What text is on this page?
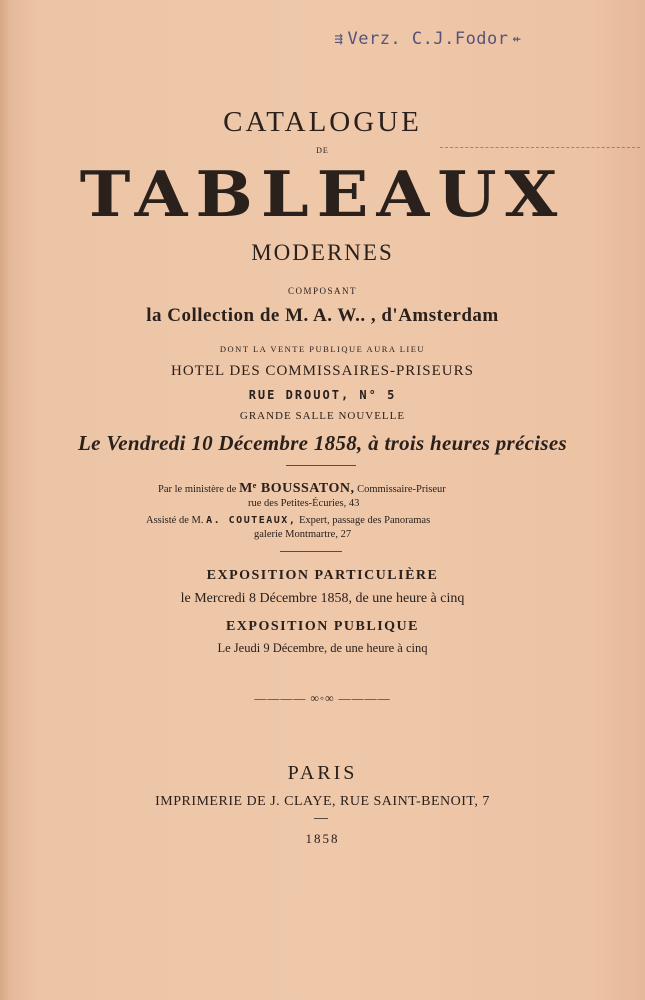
⇶ Verz. C.J.Fodor ⇷
CATALOGUE
DE
TABLEAUX
MODERNES
COMPOSANT
la Collection de M. A. W.. , d'Amsterdam
DONT LA VENTE PUBLIQUE AURA LIEU
HOTEL DES COMMISSAIRES-PRISEURS
RUE DROUOT, N° 5
GRANDE SALLE NOUVELLE
Le Vendredi 10 Décembre 1858, à trois heures précises
Par le ministère de Mᵉ BOUSSATON, Commissaire-Priseur
rue des Petites-Écuries, 43
Assisté de M. A. COUTEAUX, Expert, passage des Panoramas
galerie Montmartre, 27
EXPOSITION PARTICULIÈRE
le Mercredi 8 Décembre 1858, de une heure à cinq
EXPOSITION PUBLIQUE
Le Jeudi 9 Décembre, de une heure à cinq
———— ∞◦∞ ————
PARIS
IMPRIMERIE DE J. CLAYE, RUE SAINT-BENOIT, 7
1858
